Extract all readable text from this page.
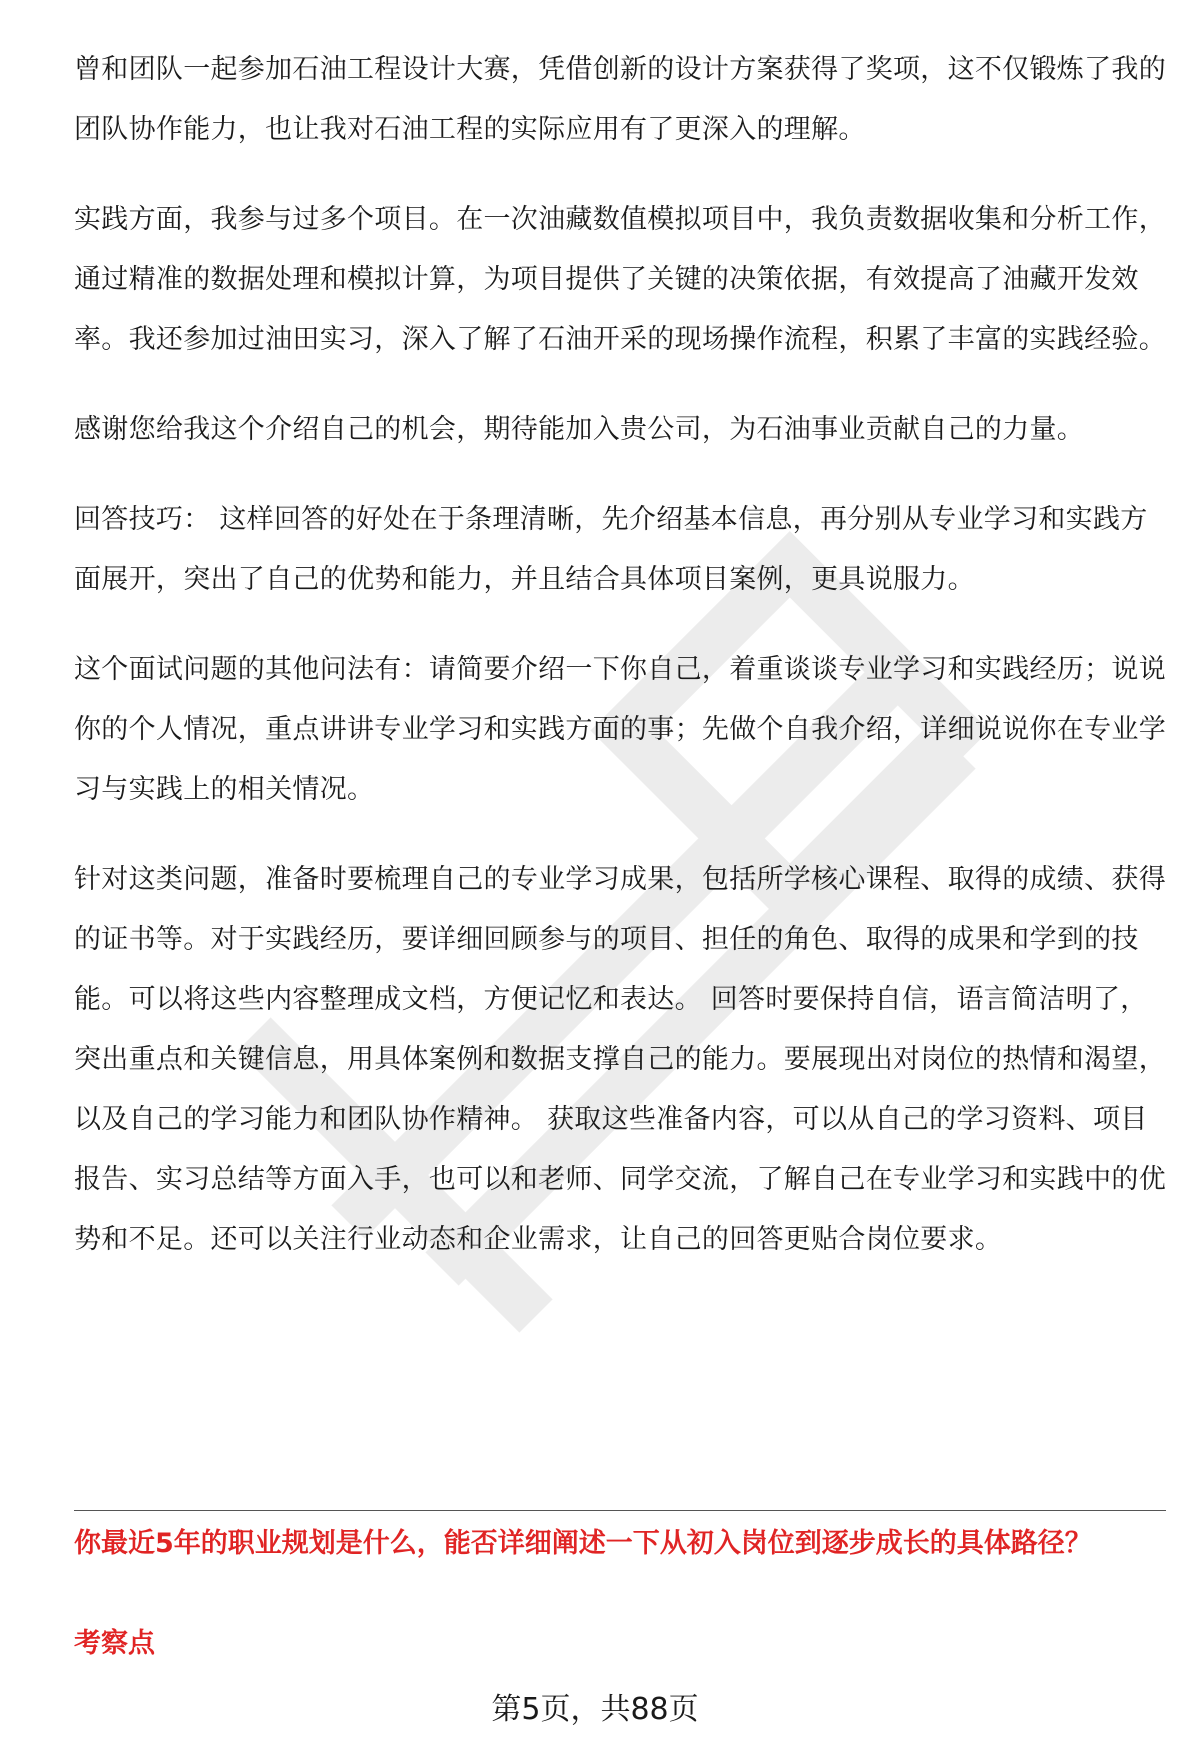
曾和团队一起参加石油工程设计大赛，凭借创新的设计方案获得了奖项，这不仅锻炼了我的团队协作能力，也让我对石油工程的实际应用有了更深入的理解。

实践方面，我参与过多个项目。在一次油藏数值模拟项目中，我负责数据收集和分析工作，通过精准的数据处理和模拟计算，为项目提供了关键的决策依据，有效提高了油藏开发效率。我还参加过油田实习，深入了解了石油开采的现场操作流程，积累了丰富的实践经验。

感谢您给我这个介绍自己的机会，期待能加入贵公司，为石油事业贡献自己的力量。

回答技巧： 这样回答的好处在于条理清晰，先介绍基本信息，再分别从专业学习和实践方面展开，突出了自己的优势和能力，并且结合具体项目案例，更具说服力。

这个面试问题的其他问法有：请简要介绍一下你自己，着重谈谈专业学习和实践经历；说说你的个人情况，重点讲讲专业学习和实践方面的事；先做个自我介绍，详细说说你在专业学习与实践上的相关情况。

针对这类问题，准备时要梳理自己的专业学习成果，包括所学核心课程、取得的成绩、获得的证书等。对于实践经历，要详细回顾参与的项目、担任的角色、取得的成果和学到的技能。可以将这些内容整理成文档，方便记忆和表达。 回答时要保持自信，语言简洁明了，突出重点和关键信息，用具体案例和数据支撑自己的能力。要展现出对岗位的热情和渴望，以及自己的学习能力和团队协作精神。 获取这些准备内容，可以从自己的学习资料、项目报告、实习总结等方面入手，也可以和老师、同学交流，了解自己在专业学习和实践中的优势和不足。还可以关注行业动态和企业需求，让自己的回答更贴合岗位要求。

你最近5年的职业规划是什么，能否详细阐述一下从初入岗位到逐步成长的具体路径？

考察点

第5页，共88页
